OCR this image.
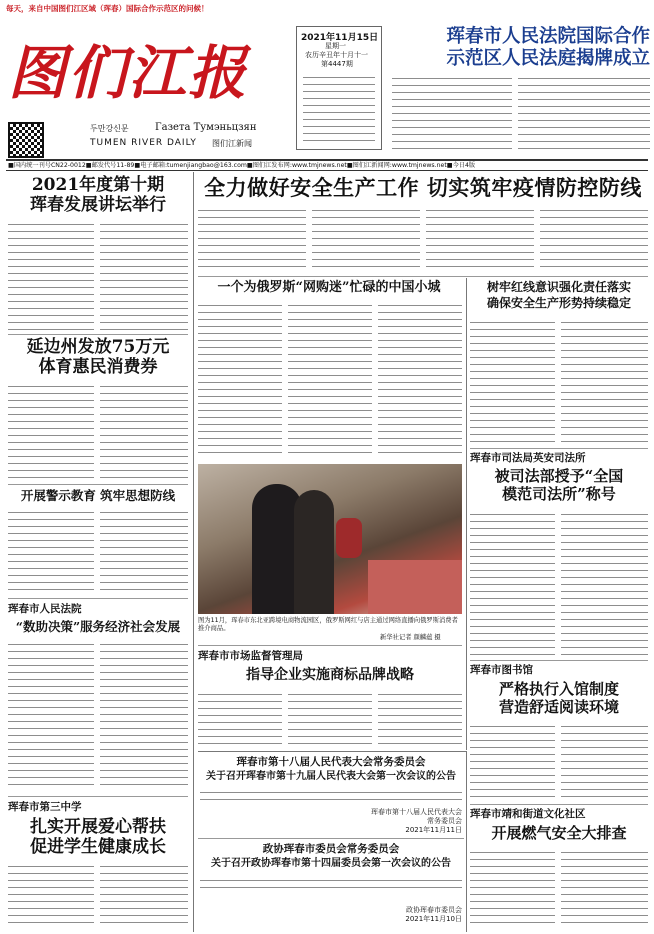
每天，来自中国图们江区域（珲春）国际合作示范区的问候！
图们江报
두만강신문	Газета Тумэньцзян
TUMEN RIVER DAILY 图们江新闻
2021年11月15日
星期一
农历辛丑年十月十一
第4447期
珲春市人民法院国际合作
示范区人民法庭揭牌成立
■国内统一刊号CN22-0012■邮发代号11-89■电子邮箱:tumenjiangbao@163.com■图们江发布网:www.tmjnews.net■图们江新闻网:www.tmjnews.net■今日4版
2021年度第十期
珲春发展讲坛举行
延边州发放75万元
体育惠民消费券
开展警示教育 筑牢思想防线
珲春市人民法院
“数助决策”服务经济社会发展
珲春市第三中学
扎实开展爱心帮扶
促进学生健康成长
全力做好安全生产工作 切实筑牢疫情防控防线
一个为俄罗斯“网购迷”忙碌的中国小城
图为11月，珲春市东北亚跨境电商物流园区，俄罗斯网红与店主通过网络直播向俄罗斯消费者推介商品。
新华社记者 颜麟蕴 摄
珲春市市场监督管理局
指导企业实施商标品牌战略
树牢红线意识强化责任落实
确保安全生产形势持续稳定
珲春市司法局英安司法所
被司法部授予“全国
模范司法所”称号
珲春市图书馆
严格执行入馆制度
营造舒适阅读环境
珲春市靖和街道文化社区
开展燃气安全大排查
珲春市第十八届人民代表大会常务委员会
关于召开珲春市第十九届人民代表大会第一次会议的公告
珲春市第十八届人民代表大会
常务委员会
2021年11月11日
政协珲春市委员会常务委员会
关于召开政协珲春市第十四届委员会第一次会议的公告
政协珲春市委员会
2021年11月10日
